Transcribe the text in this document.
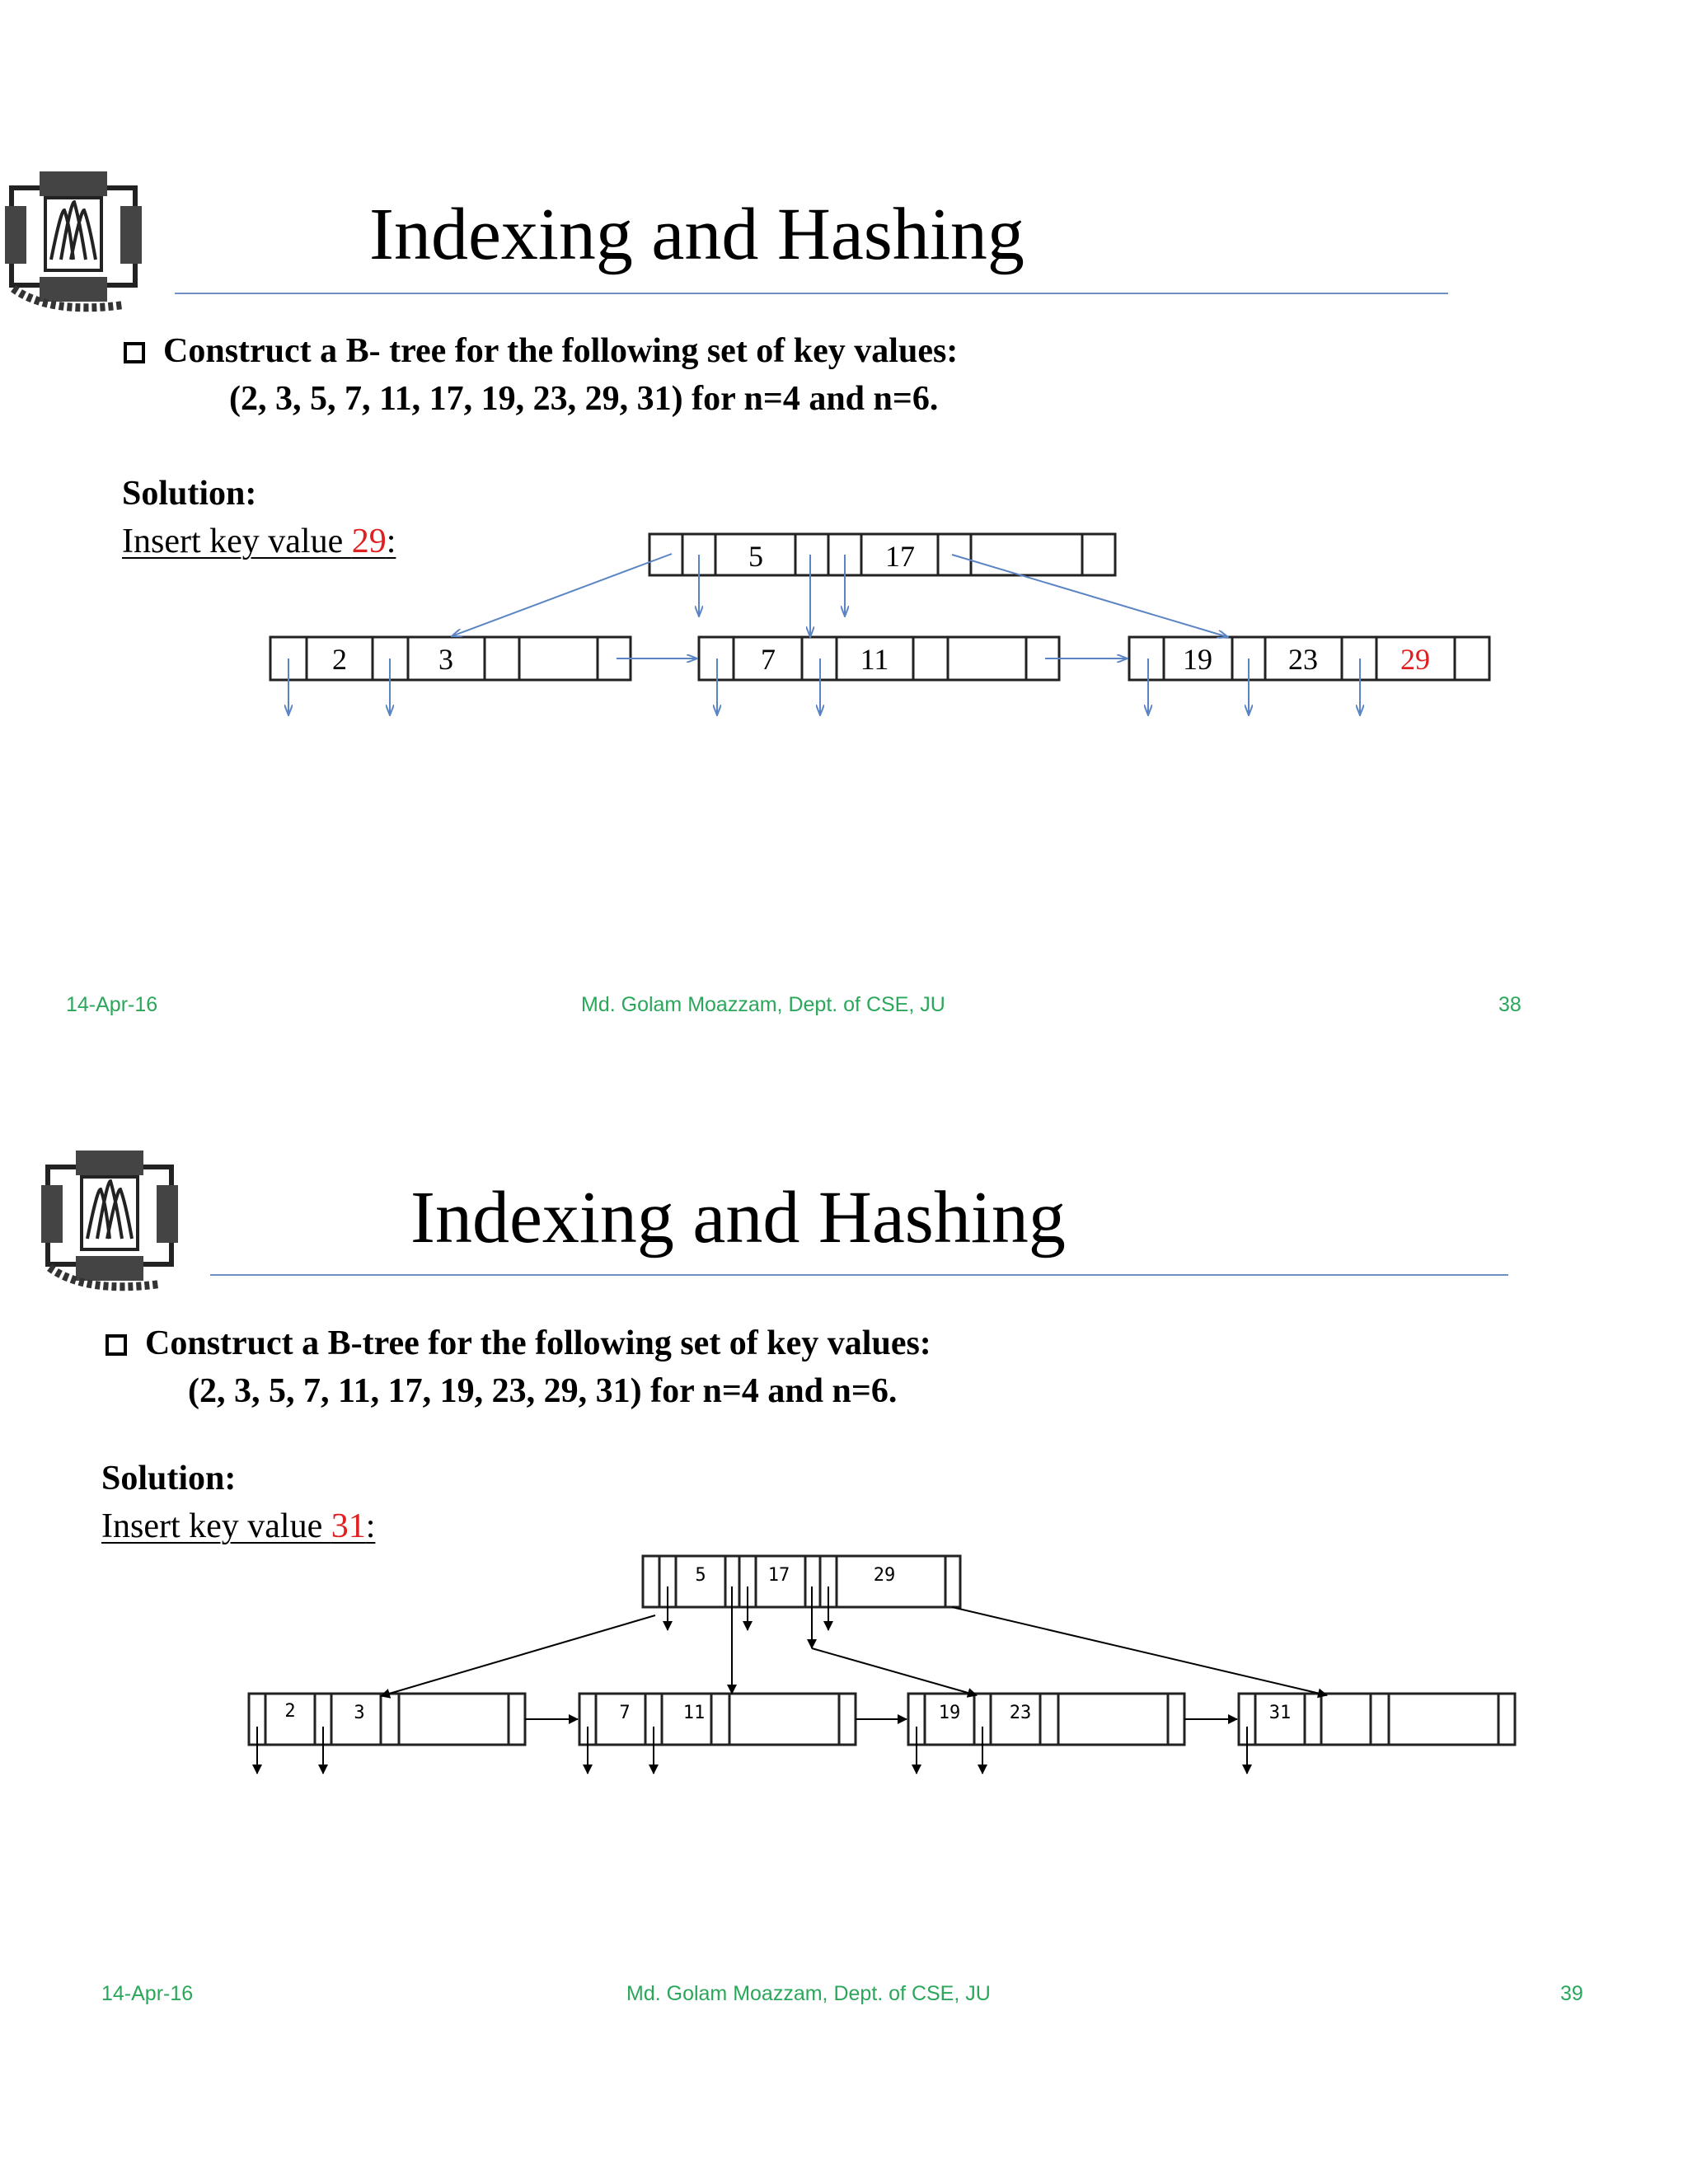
Indexing and Hashing
Construct a B- tree for the following set of key values:
(2, 3, 5, 7, 11, 17, 19, 23, 29, 31) for n=4 and n=6.
Solution:
Insert key value 29:	5	17
2	3	7	11	19	23	29
14-Apr-16	Md. Golam Moazzam, Dept. of CSE, JU	38
Indexing and Hashing
Construct a B-tree for the following set of key values:
(2, 3, 5, 7, 11, 17, 19, 23, 29, 31) for n=4 and n=6.
Solution:
Insert key value 31:
5	17	29
2	3	7	11	19	23	31
14-Apr-16	Md. Golam Moazzam, Dept. of CSE, JU	39
